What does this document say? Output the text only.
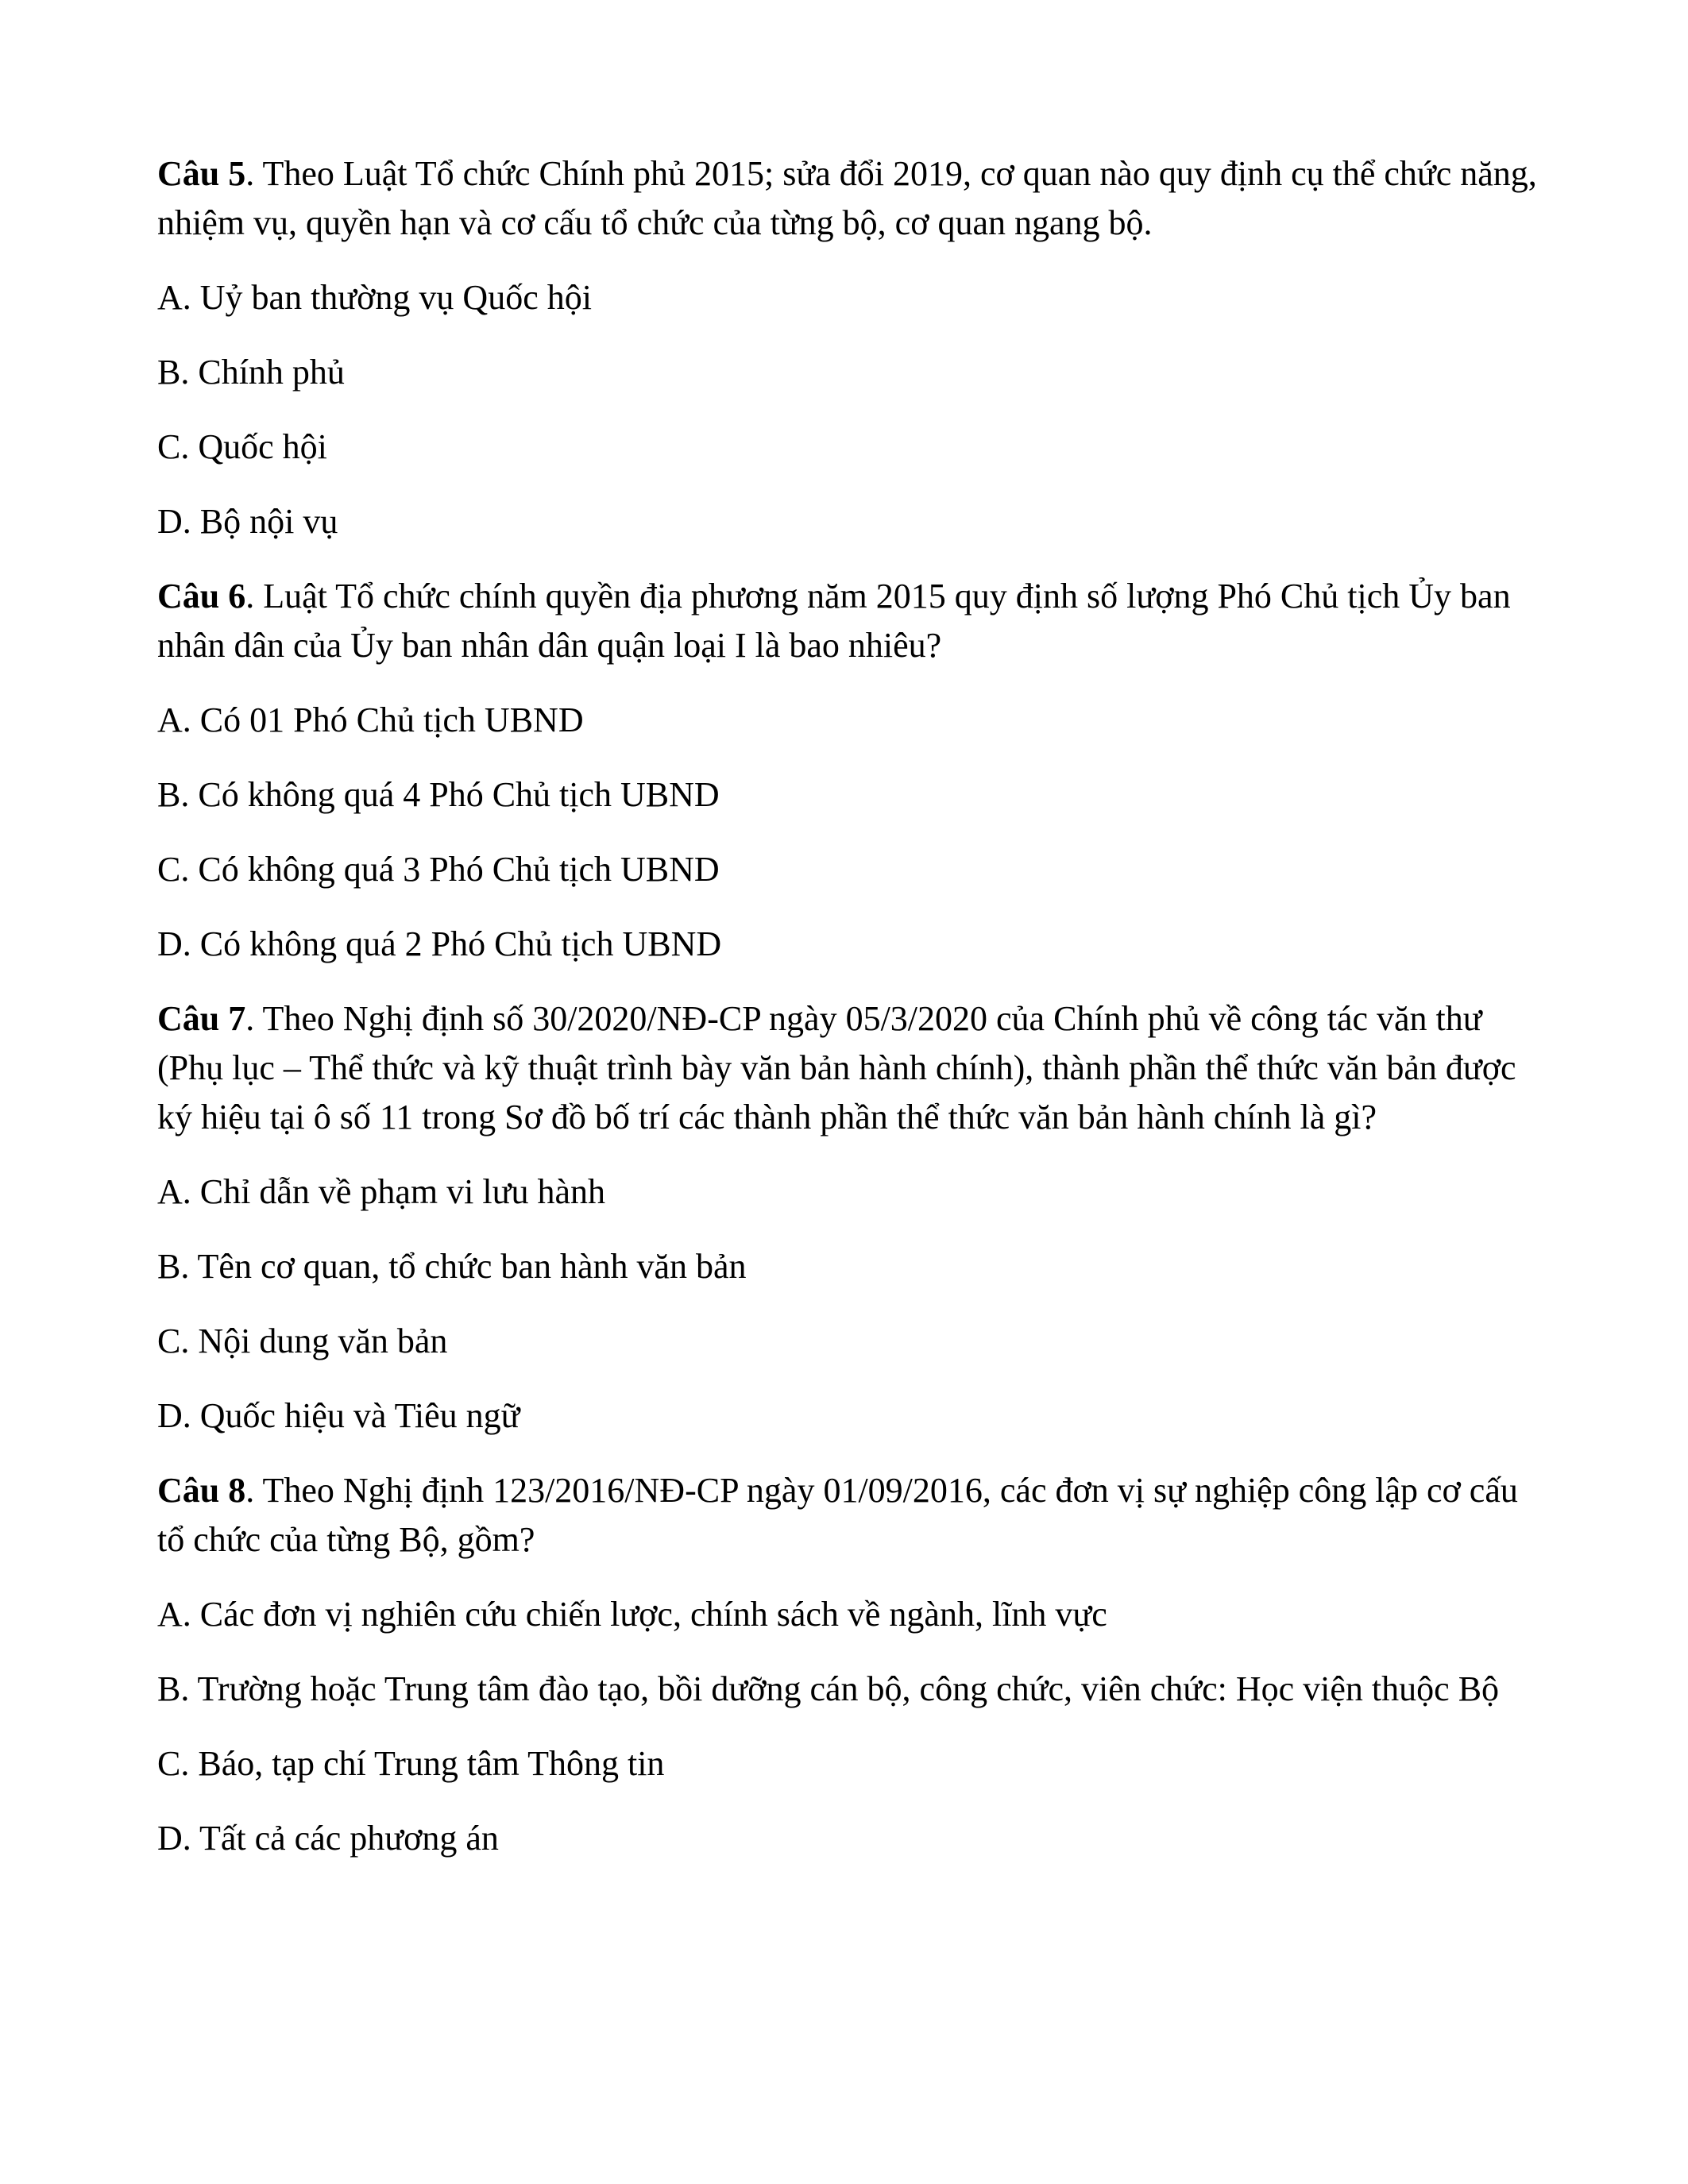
Câu 5. Theo Luật Tổ chức Chính phủ 2015; sửa đổi 2019, cơ quan nào quy định cụ thể chức năng, nhiệm vụ, quyền hạn và cơ cấu tổ chức của từng bộ, cơ quan ngang bộ.

A. Uỷ ban thường vụ Quốc hội

B. Chính phủ

C. Quốc hội

D. Bộ nội vụ

Câu 6. Luật Tổ chức chính quyền địa phương năm 2015 quy định số lượng Phó Chủ tịch Ủy ban nhân dân của Ủy ban nhân dân quận loại I là bao nhiêu?

A. Có 01 Phó Chủ tịch UBND

B. Có không quá 4 Phó Chủ tịch UBND

C. Có không quá 3 Phó Chủ tịch UBND

D. Có không quá 2 Phó Chủ tịch UBND

Câu 7. Theo Nghị định số 30/2020/NĐ-CP ngày 05/3/2020 của Chính phủ về công tác văn thư (Phụ lục – Thể thức và kỹ thuật trình bày văn bản hành chính), thành phần thể thức văn bản được ký hiệu tại ô số 11 trong Sơ đồ bố trí các thành phần thể thức văn bản hành chính là gì?

A. Chỉ dẫn về phạm vi lưu hành

B. Tên cơ quan, tổ chức ban hành văn bản

C. Nội dung văn bản

D. Quốc hiệu và Tiêu ngữ

Câu 8. Theo Nghị định 123/2016/NĐ-CP ngày 01/09/2016, các đơn vị sự nghiệp công lập cơ cấu tổ chức của từng Bộ, gồm?

A. Các đơn vị nghiên cứu chiến lược, chính sách về ngành, lĩnh vực

B. Trường hoặc Trung tâm đào tạo, bồi dưỡng cán bộ, công chức, viên chức: Học viện thuộc Bộ

C. Báo, tạp chí Trung tâm Thông tin

D. Tất cả các phương án
